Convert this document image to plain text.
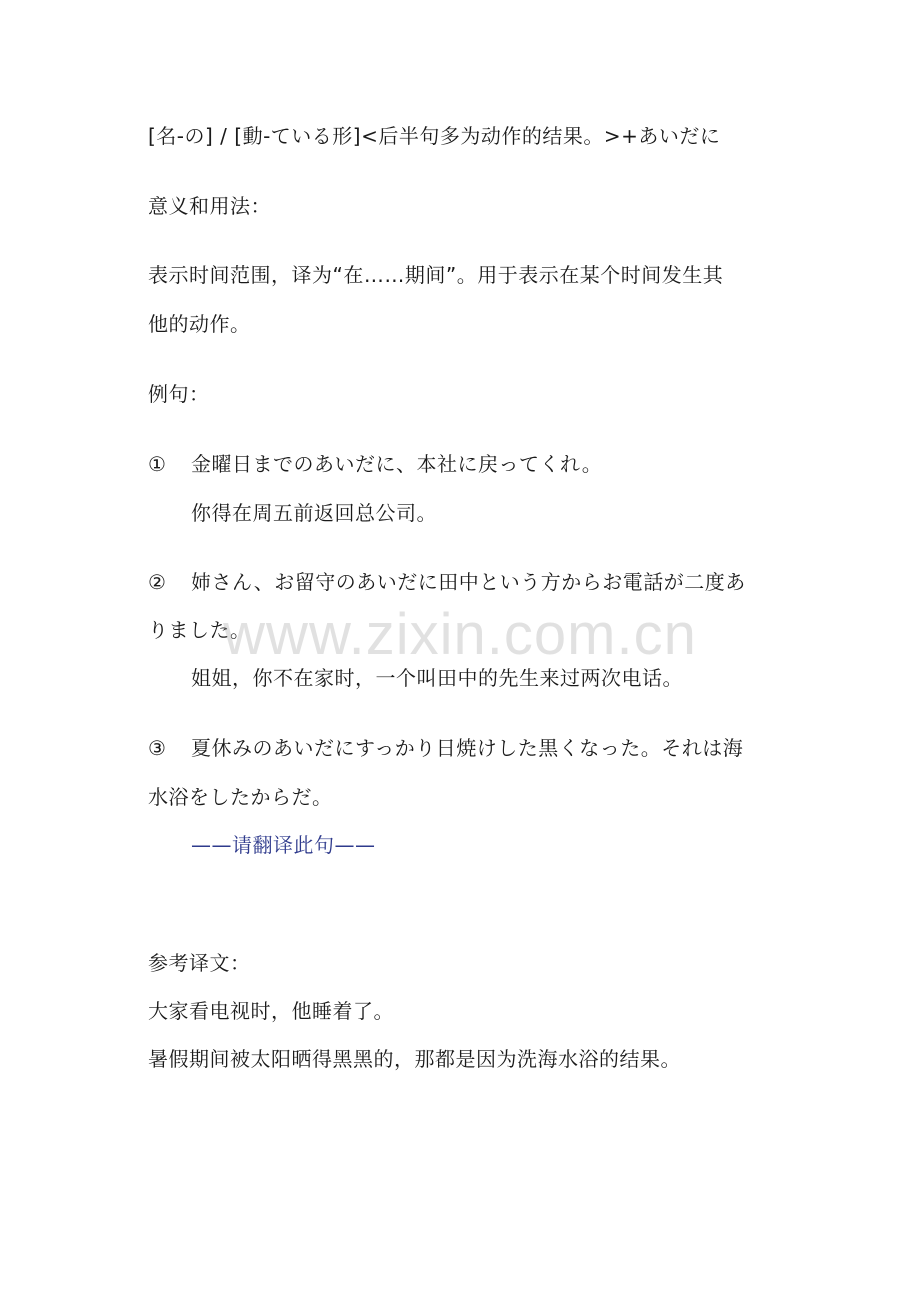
[名-の] / [動-ている形]<后半句多为动作的结果。>+あいだに
意义和用法：
表示时间范围，译为“在……期间”。用于表示在某个时间发生其
他的动作。
例句：
① 金曜日までのあいだに、本社に戻ってくれ。
你得在周五前返回总公司。
② 姉さん、お留守のあいだに田中という方からお電話が二度あ
りました。
姐姐，你不在家时，一个叫田中的先生来过两次电话。
③ 夏休みのあいだにすっかり日焼けした黒くなった。それは海
水浴をしたからだ。
——请翻译此句——
参考译文：
大家看电视时，他睡着了。
暑假期间被太阳晒得黑黑的，那都是因为洗海水浴的结果。
www.zixin.com.cn
